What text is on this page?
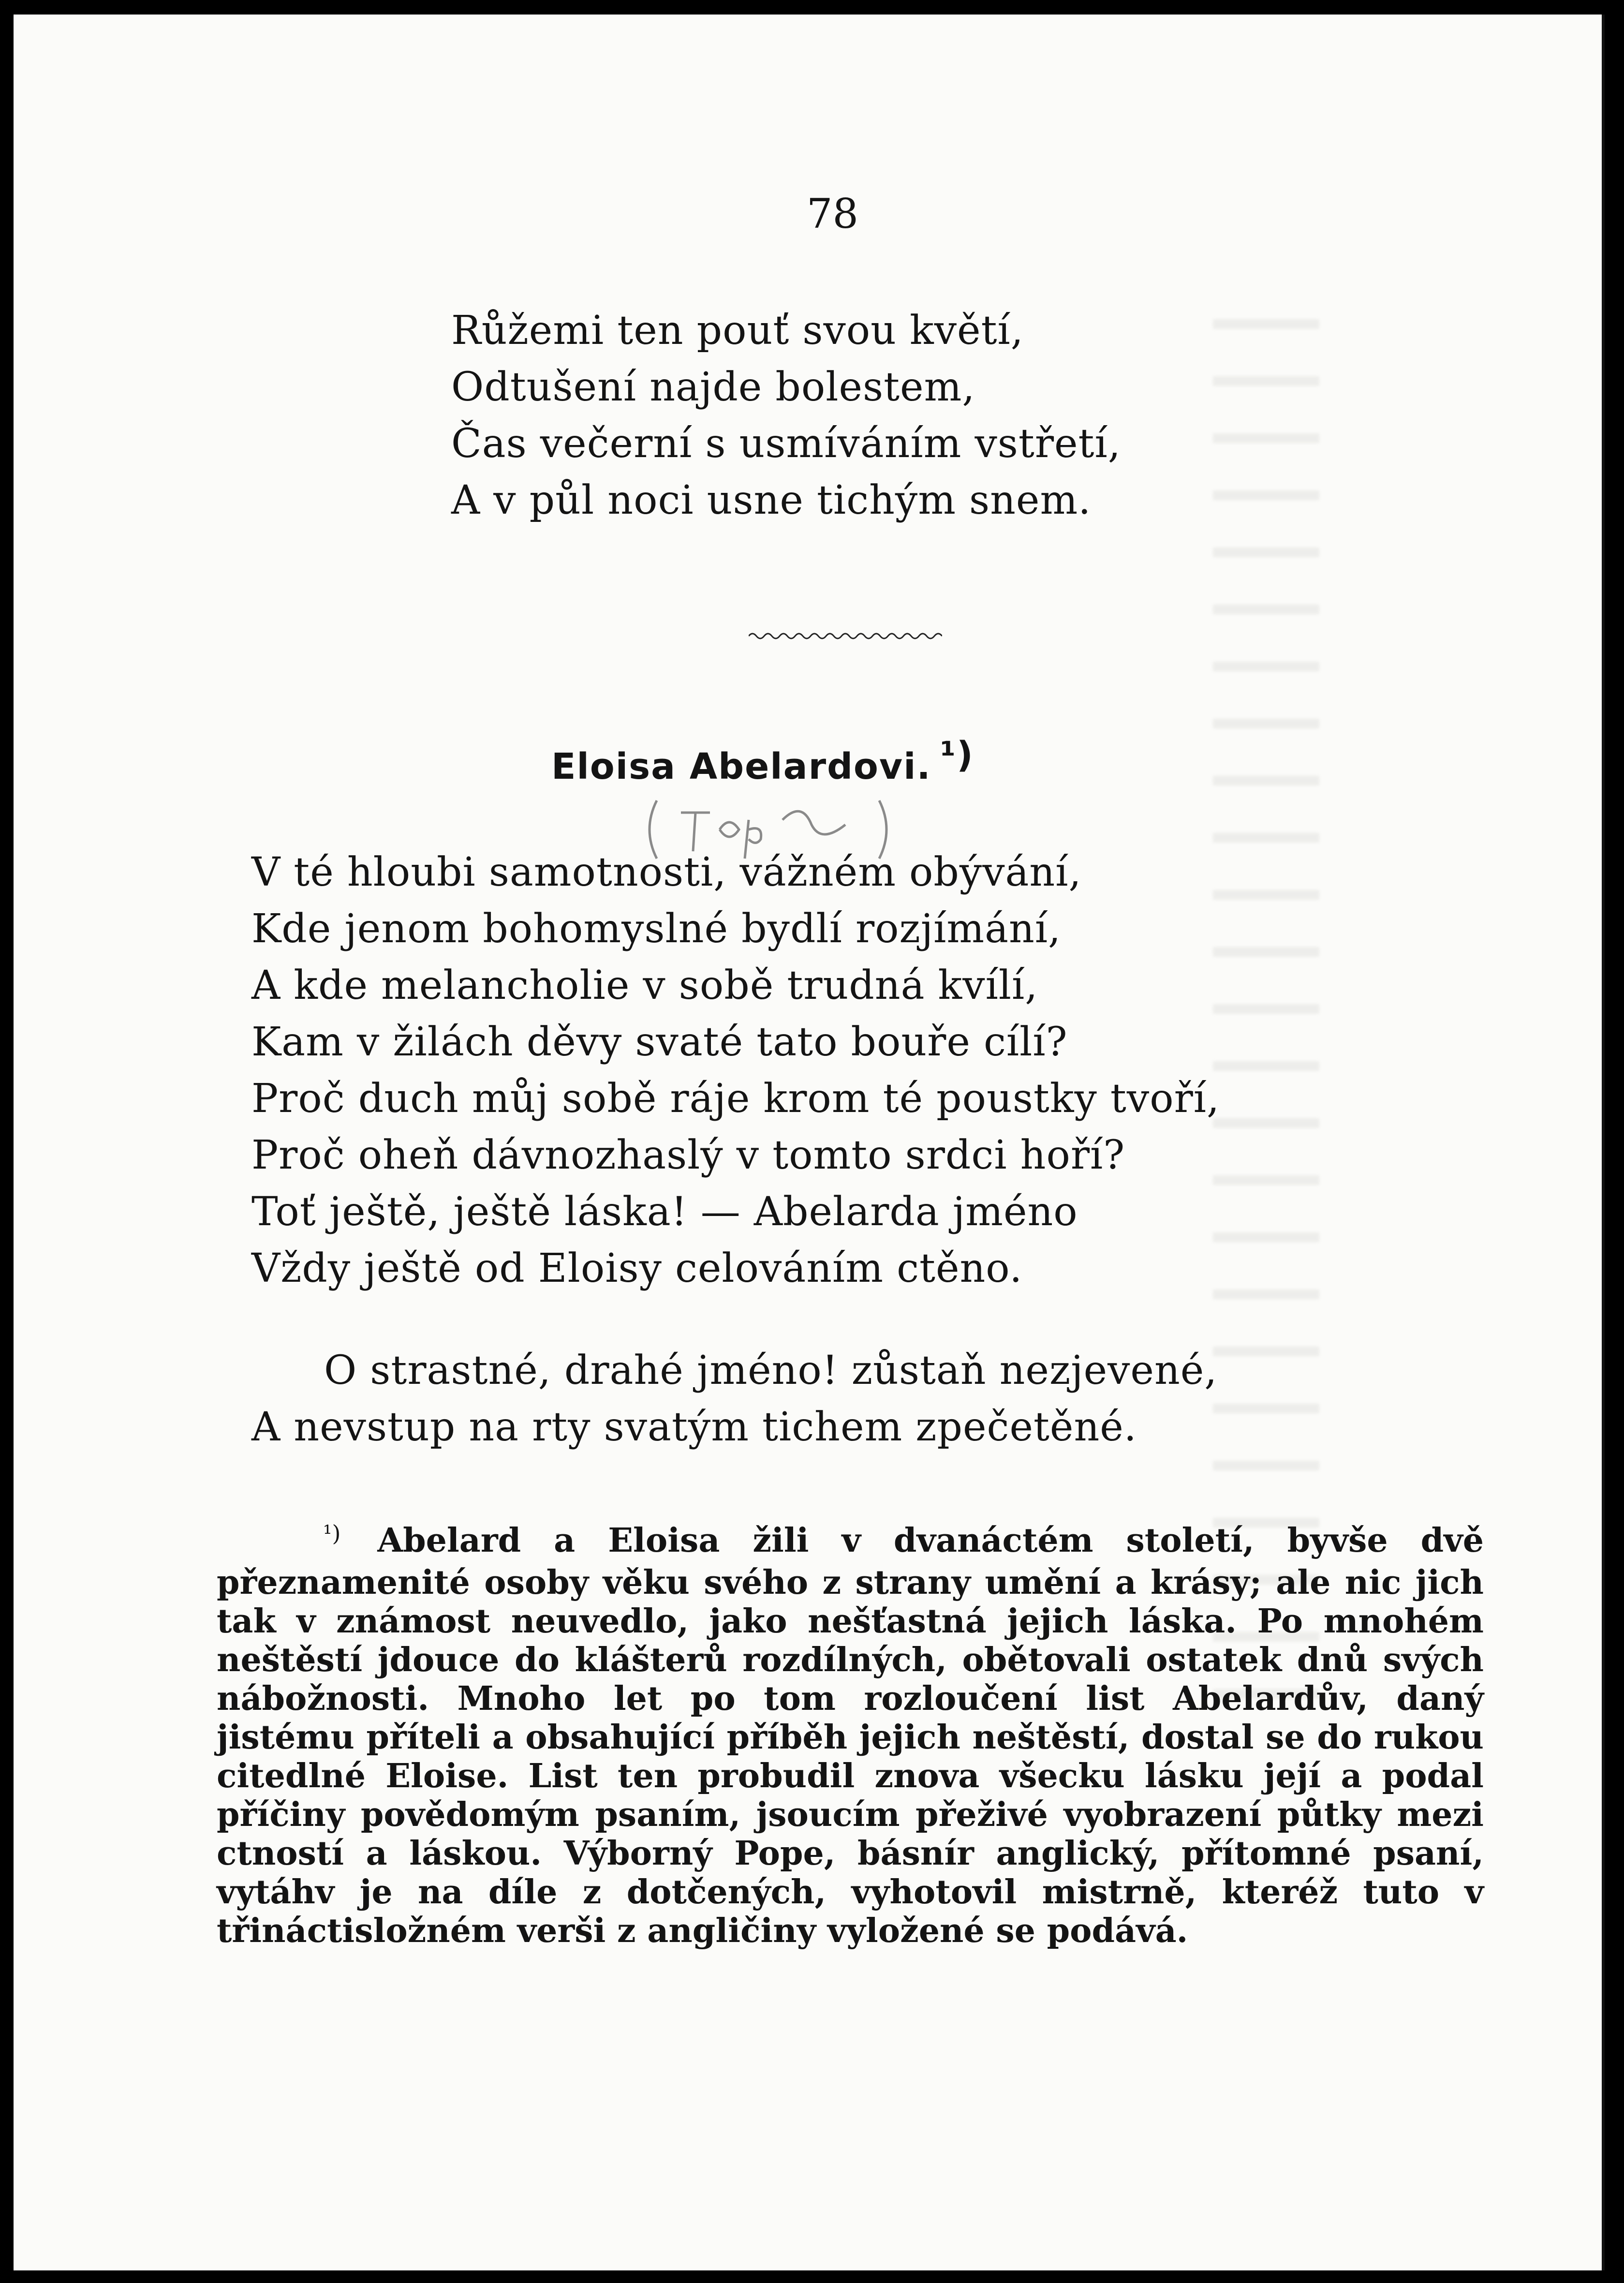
78

Růžemi ten pouť svou květí,
Odtušení najde bolestem,
Čas večerní s usmíváním vstřetí,
A v půl noci usne tichým snem.
Eloisa Abelardovi. ¹)
V té hloubi samotnosti, vážném obývání,
Kde jenom bohomyslné bydlí rozjímání,
A kde melancholie v sobě trudná kvílí,
Kam v žilách děvy svaté tato bouře cílí?
Proč duch můj sobě ráje krom té poustky tvoří,
Proč oheň dávnozhaslý v tomto srdci hoří?
Toť ještě, ještě láska! — Abelarda jméno
Vždy ještě od Eloisy celováním ctěno.
O strastné, drahé jméno! zůstaň nezjevené,
A nevstup na rty svatým tichem zpečetěné.

$^{^1)}$ Abelard a Eloisa žili v dvanáctém století, byvše dvě přeznamenité osoby věku svého z strany umění a krásy; ale nic jich tak v známost neuvedlo, jako nešťastná jejich láska. Po mnohém neštěstí jdouce do klášterů rozdílných, obětovali ostatek dnů svých nábožnosti. Mnoho let po tom rozloučení list Abelardův, daný jistému příteli a obsahující příběh jejich neštěstí, dostal se do rukou citedlné Eloise. List ten probudil znova všecku lásku její a podal příčiny povědomým psaním, jsoucím přeživé vyobrazení půtky mezi ctností a láskou. Výborný Pope, básnír anglický, přítomné psaní, vytáhv je na díle z dotčených, vyhotovil mistrně, kteréž tuto v třináctisložném verši z angličiny vyložené se podává.
